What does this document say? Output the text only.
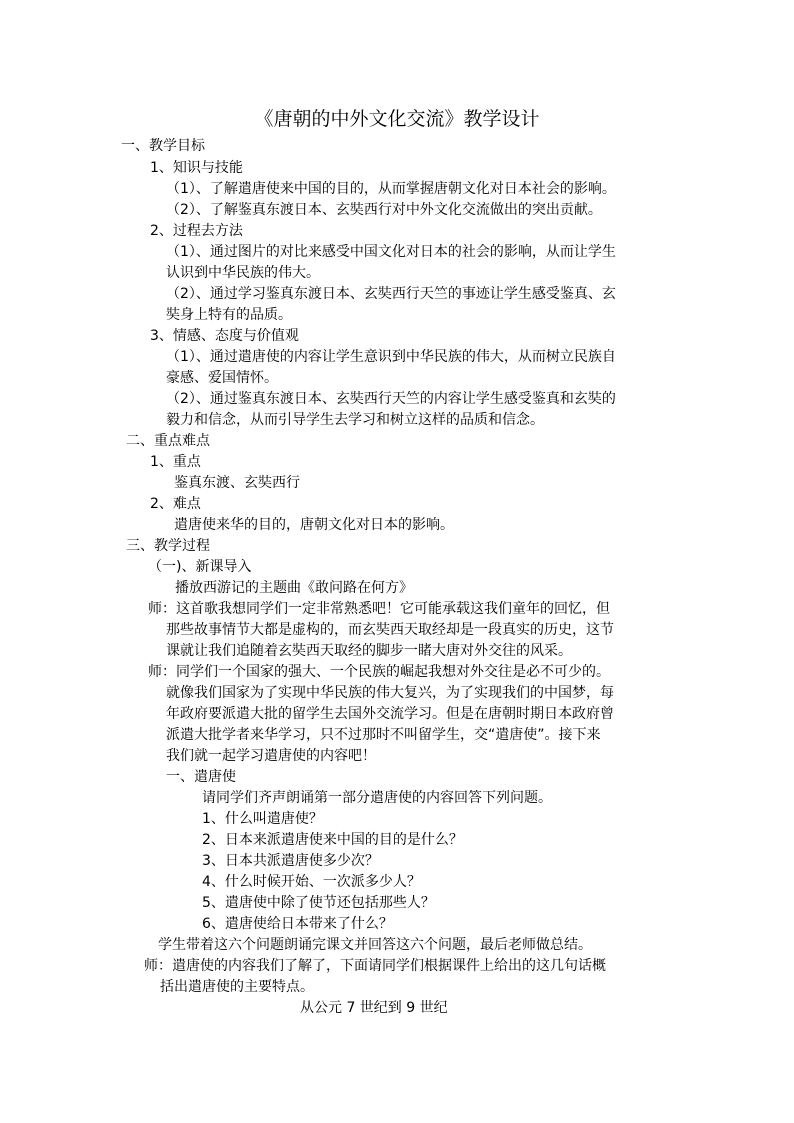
《唐朝的中外文化交流》教学设计
一、教学目标
1、知识与技能
（1）、了解遣唐使来中国的目的，从而掌握唐朝文化对日本社会的影响。
（2）、了解鉴真东渡日本、玄奘西行对中外文化交流做出的突出贡献。
2、过程去方法
（1）、通过图片的对比来感受中国文化对日本的社会的影响，从而让学生
认识到中华民族的伟大。
（2）、通过学习鉴真东渡日本、玄奘西行天竺的事迹让学生感受鉴真、玄
奘身上特有的品质。
3、情感、态度与价值观
（1）、通过遣唐使的内容让学生意识到中华民族的伟大，从而树立民族自
豪感、爱国情怀。
（2）、通过鉴真东渡日本、玄奘西行天竺的内容让学生感受鉴真和玄奘的
毅力和信念，从而引导学生去学习和树立这样的品质和信念。
二、重点难点
1、重点
鉴真东渡、玄奘西行
2、难点
遣唐使来华的目的，唐朝文化对日本的影响。
三、教学过程
（一)、新课导入
播放西游记的主题曲《敢问路在何方》
师：这首歌我想同学们一定非常熟悉吧！它可能承载这我们童年的回忆，但
那些故事情节大都是虚构的，而玄奘西天取经却是一段真实的历史，这节
课就让我们追随着玄奘西天取经的脚步一睹大唐对外交往的风采。
师：同学们一个国家的强大、一个民族的崛起我想对外交往是必不可少的。
就像我们国家为了实现中华民族的伟大复兴，为了实现我们的中国梦，每
年政府要派遣大批的留学生去国外交流学习。但是在唐朝时期日本政府曾
派遣大批学者来华学习，只不过那时不叫留学生，交“遣唐使”。接下来
我们就一起学习遣唐使的内容吧！
一、遣唐使
请同学们齐声朗诵第一部分遣唐使的内容回答下列问题。
1、什么叫遣唐使？
2、日本来派遣唐使来中国的目的是什么？
3、日本共派遣唐使多少次？
4、什么时候开始、一次派多少人？
5、遣唐使中除了使节还包括那些人？
6、遣唐使给日本带来了什么？
学生带着这六个问题朗诵完课文并回答这六个问题，最后老师做总结。
师：遣唐使的内容我们了解了，下面请同学们根据课件上给出的这几句话概
括出遣唐使的主要特点。
从公元 7 世纪到 9 世纪
